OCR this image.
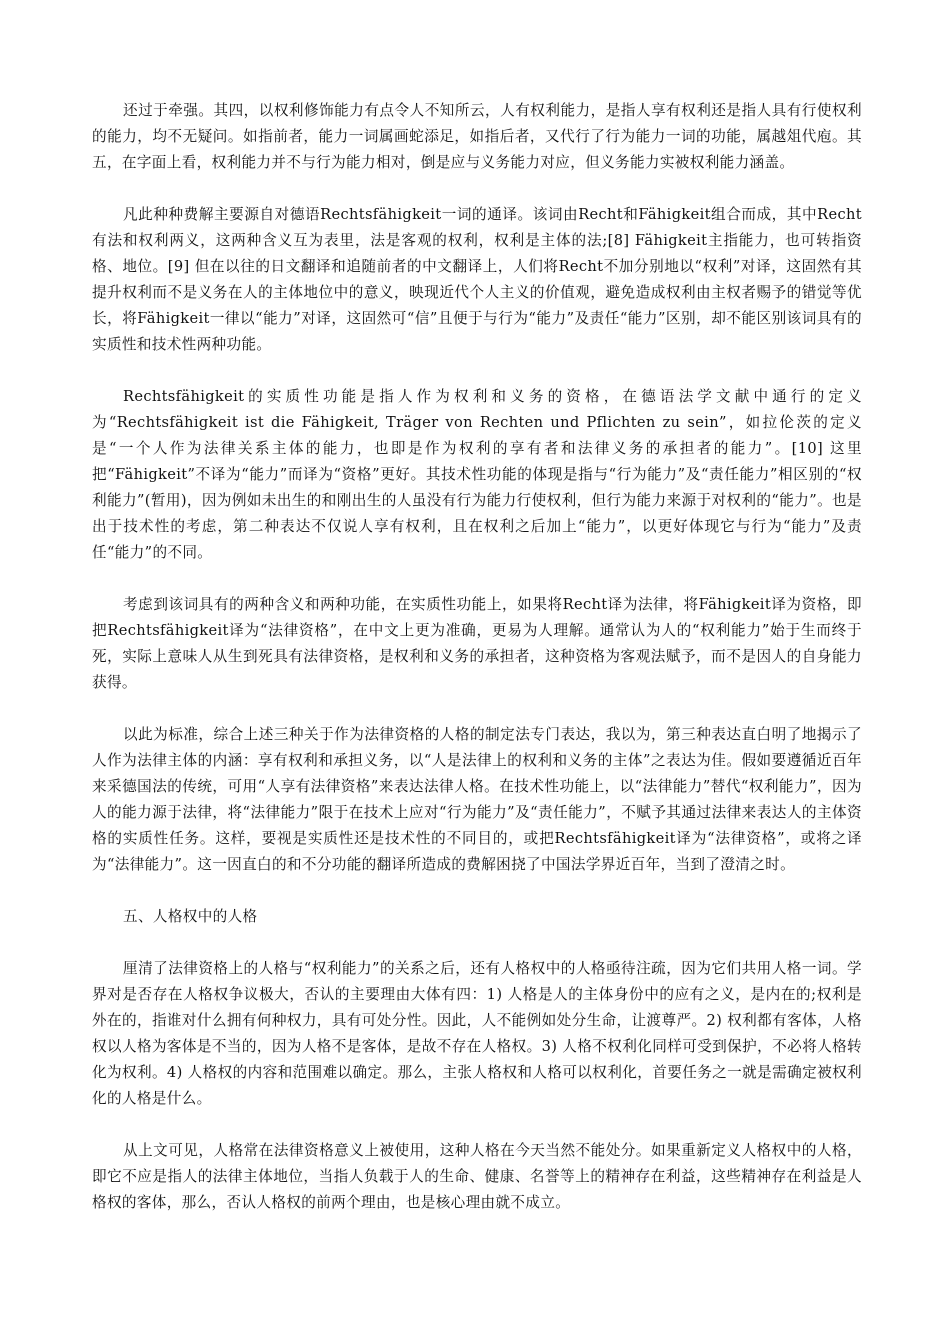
还过于牵强。其四，以权利修饰能力有点令人不知所云，人有权利能力，是指人享有权利还是指人具有行使权利的能力，均不无疑问。如指前者，能力一词属画蛇添足，如指后者，又代行了行为能力一词的功能，属越俎代庖。其五，在字面上看，权利能力并不与行为能力相对，倒是应与义务能力对应，但义务能力实被权利能力涵盖。

凡此种种费解主要源自对德语Rechtsfähigkeit一词的通译。该词由Recht和Fähigkeit组合而成，其中Recht有法和权利两义，这两种含义互为表里，法是客观的权利，权利是主体的法;[8] Fähigkeit主指能力，也可转指资格、地位。[9] 但在以往的日文翻译和追随前者的中文翻译上，人们将Recht不加分别地以“权利”对译，这固然有其提升权利而不是义务在人的主体地位中的意义，映现近代个人主义的价值观，避免造成权利由主权者赐予的错觉等优长，将Fähigkeit一律以“能力”对译，这固然可“信”且便于与行为“能力”及责任“能力”区别，却不能区别该词具有的实质性和技术性两种功能。

Rechtsfähigkeit的实质性功能是指人作为权利和义务的资格，在德语法学文献中通行的定义为“Rechtsfähigkeit ist die Fähigkeit, Träger von Rechten und Pflichten zu sein”，如拉伦茨的定义是“一个人作为法律关系主体的能力，也即是作为权利的享有者和法律义务的承担者的能力”。[10] 这里把“Fähigkeit”不译为“能力”而译为“资格”更好。其技术性功能的体现是指与“行为能力”及“责任能力”相区别的“权利能力”(暂用)，因为例如未出生的和刚出生的人虽没有行为能力行使权利，但行为能力来源于对权利的“能力”。也是出于技术性的考虑，第二种表达不仅说人享有权利，且在权利之后加上“能力”，以更好体现它与行为“能力”及责任“能力”的不同。

考虑到该词具有的两种含义和两种功能，在实质性功能上，如果将Recht译为法律，将Fähigkeit译为资格，即把Rechtsfähigkeit译为“法律资格”，在中文上更为准确，更易为人理解。通常认为人的“权利能力”始于生而终于死，实际上意味人从生到死具有法律资格，是权利和义务的承担者，这种资格为客观法赋予，而不是因人的自身能力获得。

以此为标准，综合上述三种关于作为法律资格的人格的制定法专门表达，我以为，第三种表达直白明了地揭示了人作为法律主体的内涵：享有权利和承担义务，以“人是法律上的权利和义务的主体”之表达为佳。假如要遵循近百年来采德国法的传统，可用“人享有法律资格”来表达法律人格。在技术性功能上，以“法律能力”替代“权利能力”，因为人的能力源于法律，将“法律能力”限于在技术上应对“行为能力”及“责任能力”，不赋予其通过法律来表达人的主体资格的实质性任务。这样，要视是实质性还是技术性的不同目的，或把Rechtsfähigkeit译为“法律资格”，或将之译为“法律能力”。这一因直白的和不分功能的翻译所造成的费解困挠了中国法学界近百年，当到了澄清之时。

五、人格权中的人格

厘清了法律资格上的人格与“权利能力”的关系之后，还有人格权中的人格亟待注疏，因为它们共用人格一词。学界对是否存在人格权争议极大，否认的主要理由大体有四：1) 人格是人的主体身份中的应有之义，是内在的;权利是外在的，指谁对什么拥有何种权力，具有可处分性。因此，人不能例如处分生命，让渡尊严。2) 权利都有客体，人格权以人格为客体是不当的，因为人格不是客体，是故不存在人格权。3) 人格不权利化同样可受到保护，不必将人格转化为权利。4) 人格权的内容和范围难以确定。那么，主张人格权和人格可以权利化，首要任务之一就是需确定被权利化的人格是什么。

从上文可见，人格常在法律资格意义上被使用，这种人格在今天当然不能处分。如果重新定义人格权中的人格，即它不应是指人的法律主体地位，当指人负载于人的生命、健康、名誉等上的精神存在利益，这些精神存在利益是人格权的客体，那么，否认人格权的前两个理由，也是核心理由就不成立。
